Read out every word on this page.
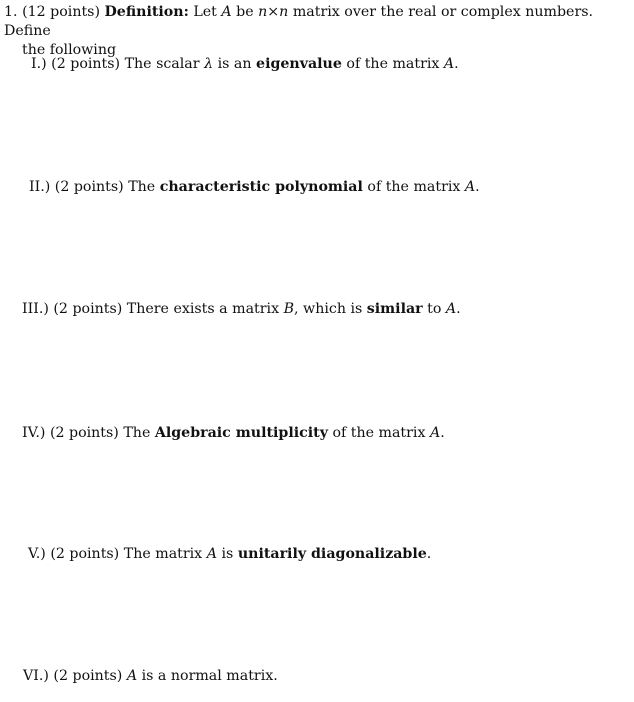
1. (12 points) Definition: Let A be n×n matrix over the real or complex numbers. Define
the following
I.) (2 points) The scalar λ is an eigenvalue of the matrix A.
II.) (2 points) The characteristic polynomial of the matrix A.
III.) (2 points) There exists a matrix B, which is similar to A.
IV.) (2 points) The Algebraic multiplicity of the matrix A.
V.) (2 points) The matrix A is unitarily diagonalizable.
VI.) (2 points) A is a normal matrix.
